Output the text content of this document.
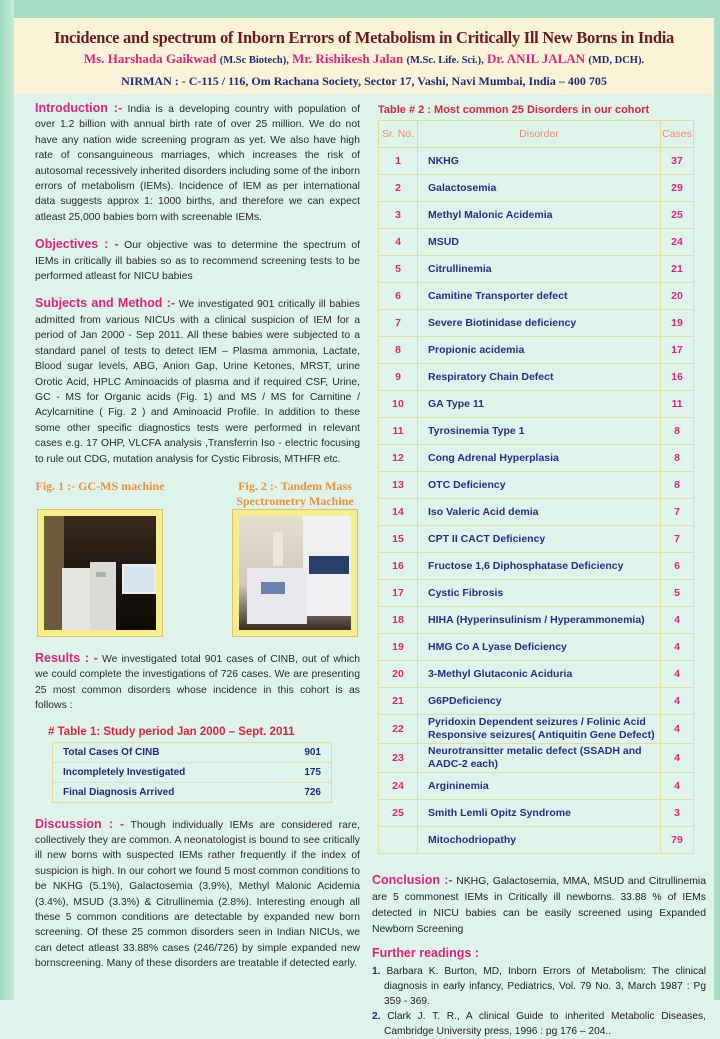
Incidence and spectrum of Inborn Errors of Metabolism in Critically Ill New Borns in India
Ms. Harshada Gaikwad (M.Sc Biotech), Mr. Rishikesh Jalan (M.Sc. Life. Sci.), Dr. ANIL JALAN (MD, DCH).
NIRMAN : - C-115 / 116, Om Rachana Society, Sector 17, Vashi, Navi Mumbai, India – 400 705
Introduction :- India is a developing country with population of over 1.2 billion with annual birth rate of over 25 million. We do not have any nation wide screening program as yet. We also have high rate of consanguineous marriages, which increases the risk of autosomal recessively inherited disorders including some of the inborn errors of metabolism (IEMs). Incidence of IEM as per international data suggests approx 1: 1000 births, and therefore we can expect atleast 25,000 babies born with screenable IEMs.
Objectives : - Our objective was to determine the spectrum of IEMs in critically ill babies so as to recommend screening tests to be performed atleast for NICU babies
Subjects and Method :- We investigated 901 critically ill babies admitted from various NICUs with a clinical suspicion of IEM for a period of Jan 2000 - Sep 2011. All these babies were subjected to a standard panel of tests to detect IEM – Plasma ammonia, Lactate, Blood sugar levels, ABG, Anion Gap, Urine Ketones, MRST, urine Orotic Acid, HPLC Aminoacids of plasma and if required CSF, Urine, GC - MS for Organic acids (Fig. 1) and MS / MS for Carnitine / Acylcarnitine ( Fig. 2 ) and Aminoacid Profile. In addition to these some other specific diagnostics tests were performed in relevant cases e.g. 17 OHP, VLCFA analysis ,Transferrin Iso - electric focusing to rule out CDG, mutation analysis for Cystic Fibrosis, MTHFR etc.
Fig. 1 :- GC-MS machine	Fig. 2 :- Tandem Mass Spectrometry Machine
Results : - We investigated total 901 cases of CINB, out of which we could complete the investigations of 726 cases. We are presenting 25 most common disorders whose incidence in this cohort is as follows :
# Table 1: Study period Jan 2000 – Sept. 2011
Total Cases Of CINB	901
Incompletely Investigated	175
Final Diagnosis Arrived	726
Discussion : - Though individually IEMs are considered rare, collectively they are common. A neonatologist is bound to see critically ill new borns with suspected IEMs rather frequently if the index of suspicion is high. In our cohort we found 5 most common conditions to be NKHG (5.1%), Galactosemia (3.9%), Methyl Malonic Acidemia (3.4%), MSUD (3.3%) & Citrullinemia (2.8%). Interesting enough all these 5 common conditions are detectable by expanded new born screening. Of these 25 common disorders seen in Indian NICUs, we can detect atleast 33.88% cases (246/726) by simple expanded new bornscreening. Many of these disorders are treatable if detected early.
Table # 2 : Most common 25 Disorders in our cohort
Sr. No.	Disorder	Cases
1	NKHG	37
2	Galactosemia	29
3	Methyl Malonic Acidemia	25
4	MSUD	24
5	Citrullinemia	21
6	Camitine Transporter defect	20
7	Severe Biotinidase deficiency	19
8	Propionic acidemia	17
9	Respiratory Chain Defect	16
10	GA Type 11	11
11	Tyrosinemia Type 1	8
12	Cong Adrenal Hyperplasia	8
13	OTC Deficiency	8
14	Iso Valeric Acid demia	7
15	CPT II CACT Deficiency	7
16	Fructose 1,6 Diphosphatase Deficiency	6
17	Cystic Fibrosis	5
18	HIHA (Hyperinsulinism / Hyperammonemia)	4
19	HMG Co A Lyase Deficiency	4
20	3-Methyl Glutaconic Aciduria	4
21	G6PDeficiency	4
22	Pyridoxin Dependent seizures / Folinic Acid Responsive seizures( Antiquitin Gene Defect)	4
23	Neurotransitter metalic defect (SSADH and AADC-2 each)	4
24	Argininemia	4
25	Smith Lemli Opitz Syndrome	3
	Mitochodriopathy	79
Conclusion :- NKHG, Galactosemia, MMA, MSUD and Citrullinemia are 5 commonest IEMs in Critically ill newborns. 33.88 % of IEMs detected in NICU babies can be easily screened using Expanded Newborn Screening
Further readings :
1. Barbara K. Burton, MD, Inborn Errors of Metabolism: The clinical diagnosis in early infancy, Pediatrics, Vol. 79 No. 3, March 1987 : Pg 359 - 369.
2. Clark J. T. R., A clinical Guide to inherited Metabolic Diseases, Cambridge University press, 1996 : pg 176 – 204..
